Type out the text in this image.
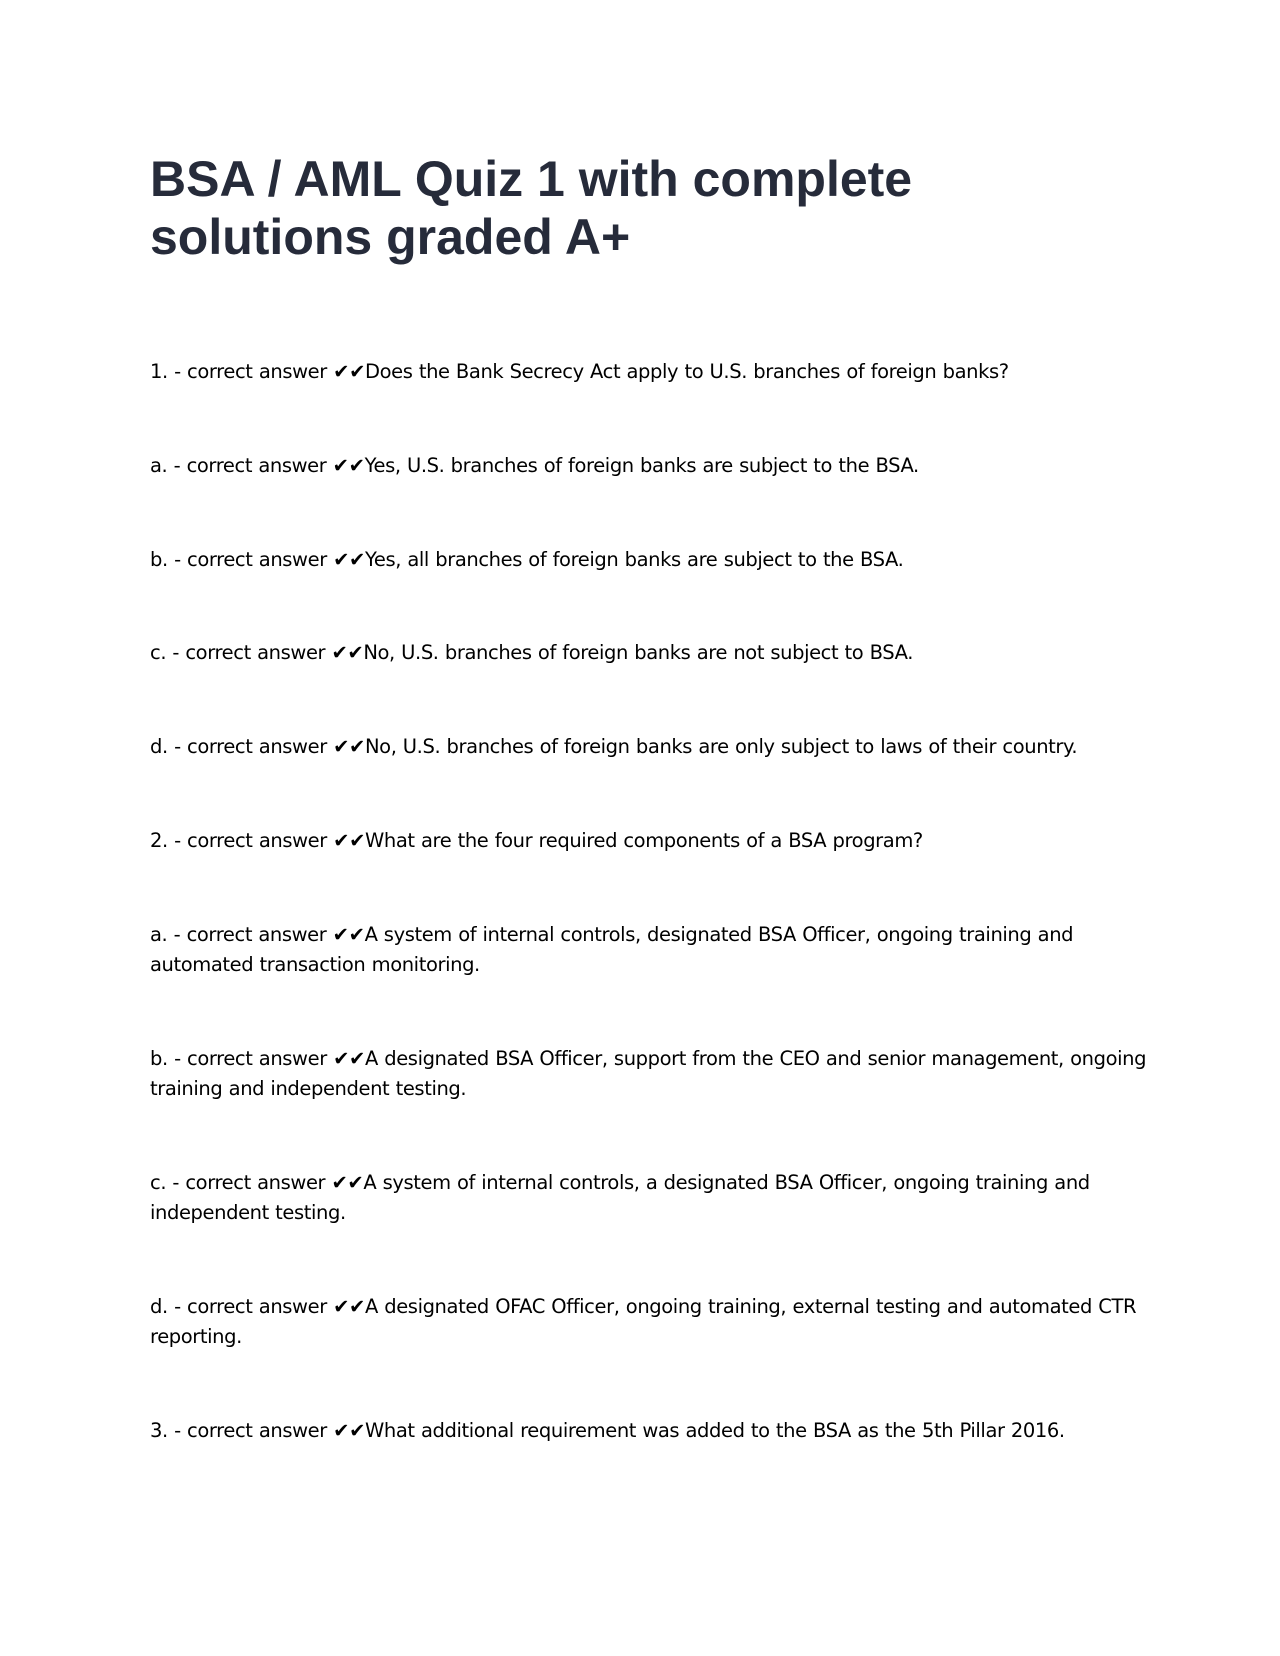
BSA / AML Quiz 1 with complete solutions graded A+

1. - correct answer ✔✔Does the Bank Secrecy Act apply to U.S. branches of foreign banks?

a. - correct answer ✔✔Yes, U.S. branches of foreign banks are subject to the BSA.

b. - correct answer ✔✔Yes, all branches of foreign banks are subject to the BSA.

c. - correct answer ✔✔No, U.S. branches of foreign banks are not subject to BSA.

d. - correct answer ✔✔No, U.S. branches of foreign banks are only subject to laws of their country.

2. - correct answer ✔✔What are the four required components of a BSA program?

a. - correct answer ✔✔A system of internal controls, designated BSA Officer, ongoing training and automated transaction monitoring.

b. - correct answer ✔✔A designated BSA Officer, support from the CEO and senior management, ongoing training and independent testing.

c. - correct answer ✔✔A system of internal controls, a designated BSA Officer, ongoing training and independent testing.

d. - correct answer ✔✔A designated OFAC Officer, ongoing training, external testing and automated CTR reporting.

3. - correct answer ✔✔What additional requirement was added to the BSA as the 5th Pillar 2016.
